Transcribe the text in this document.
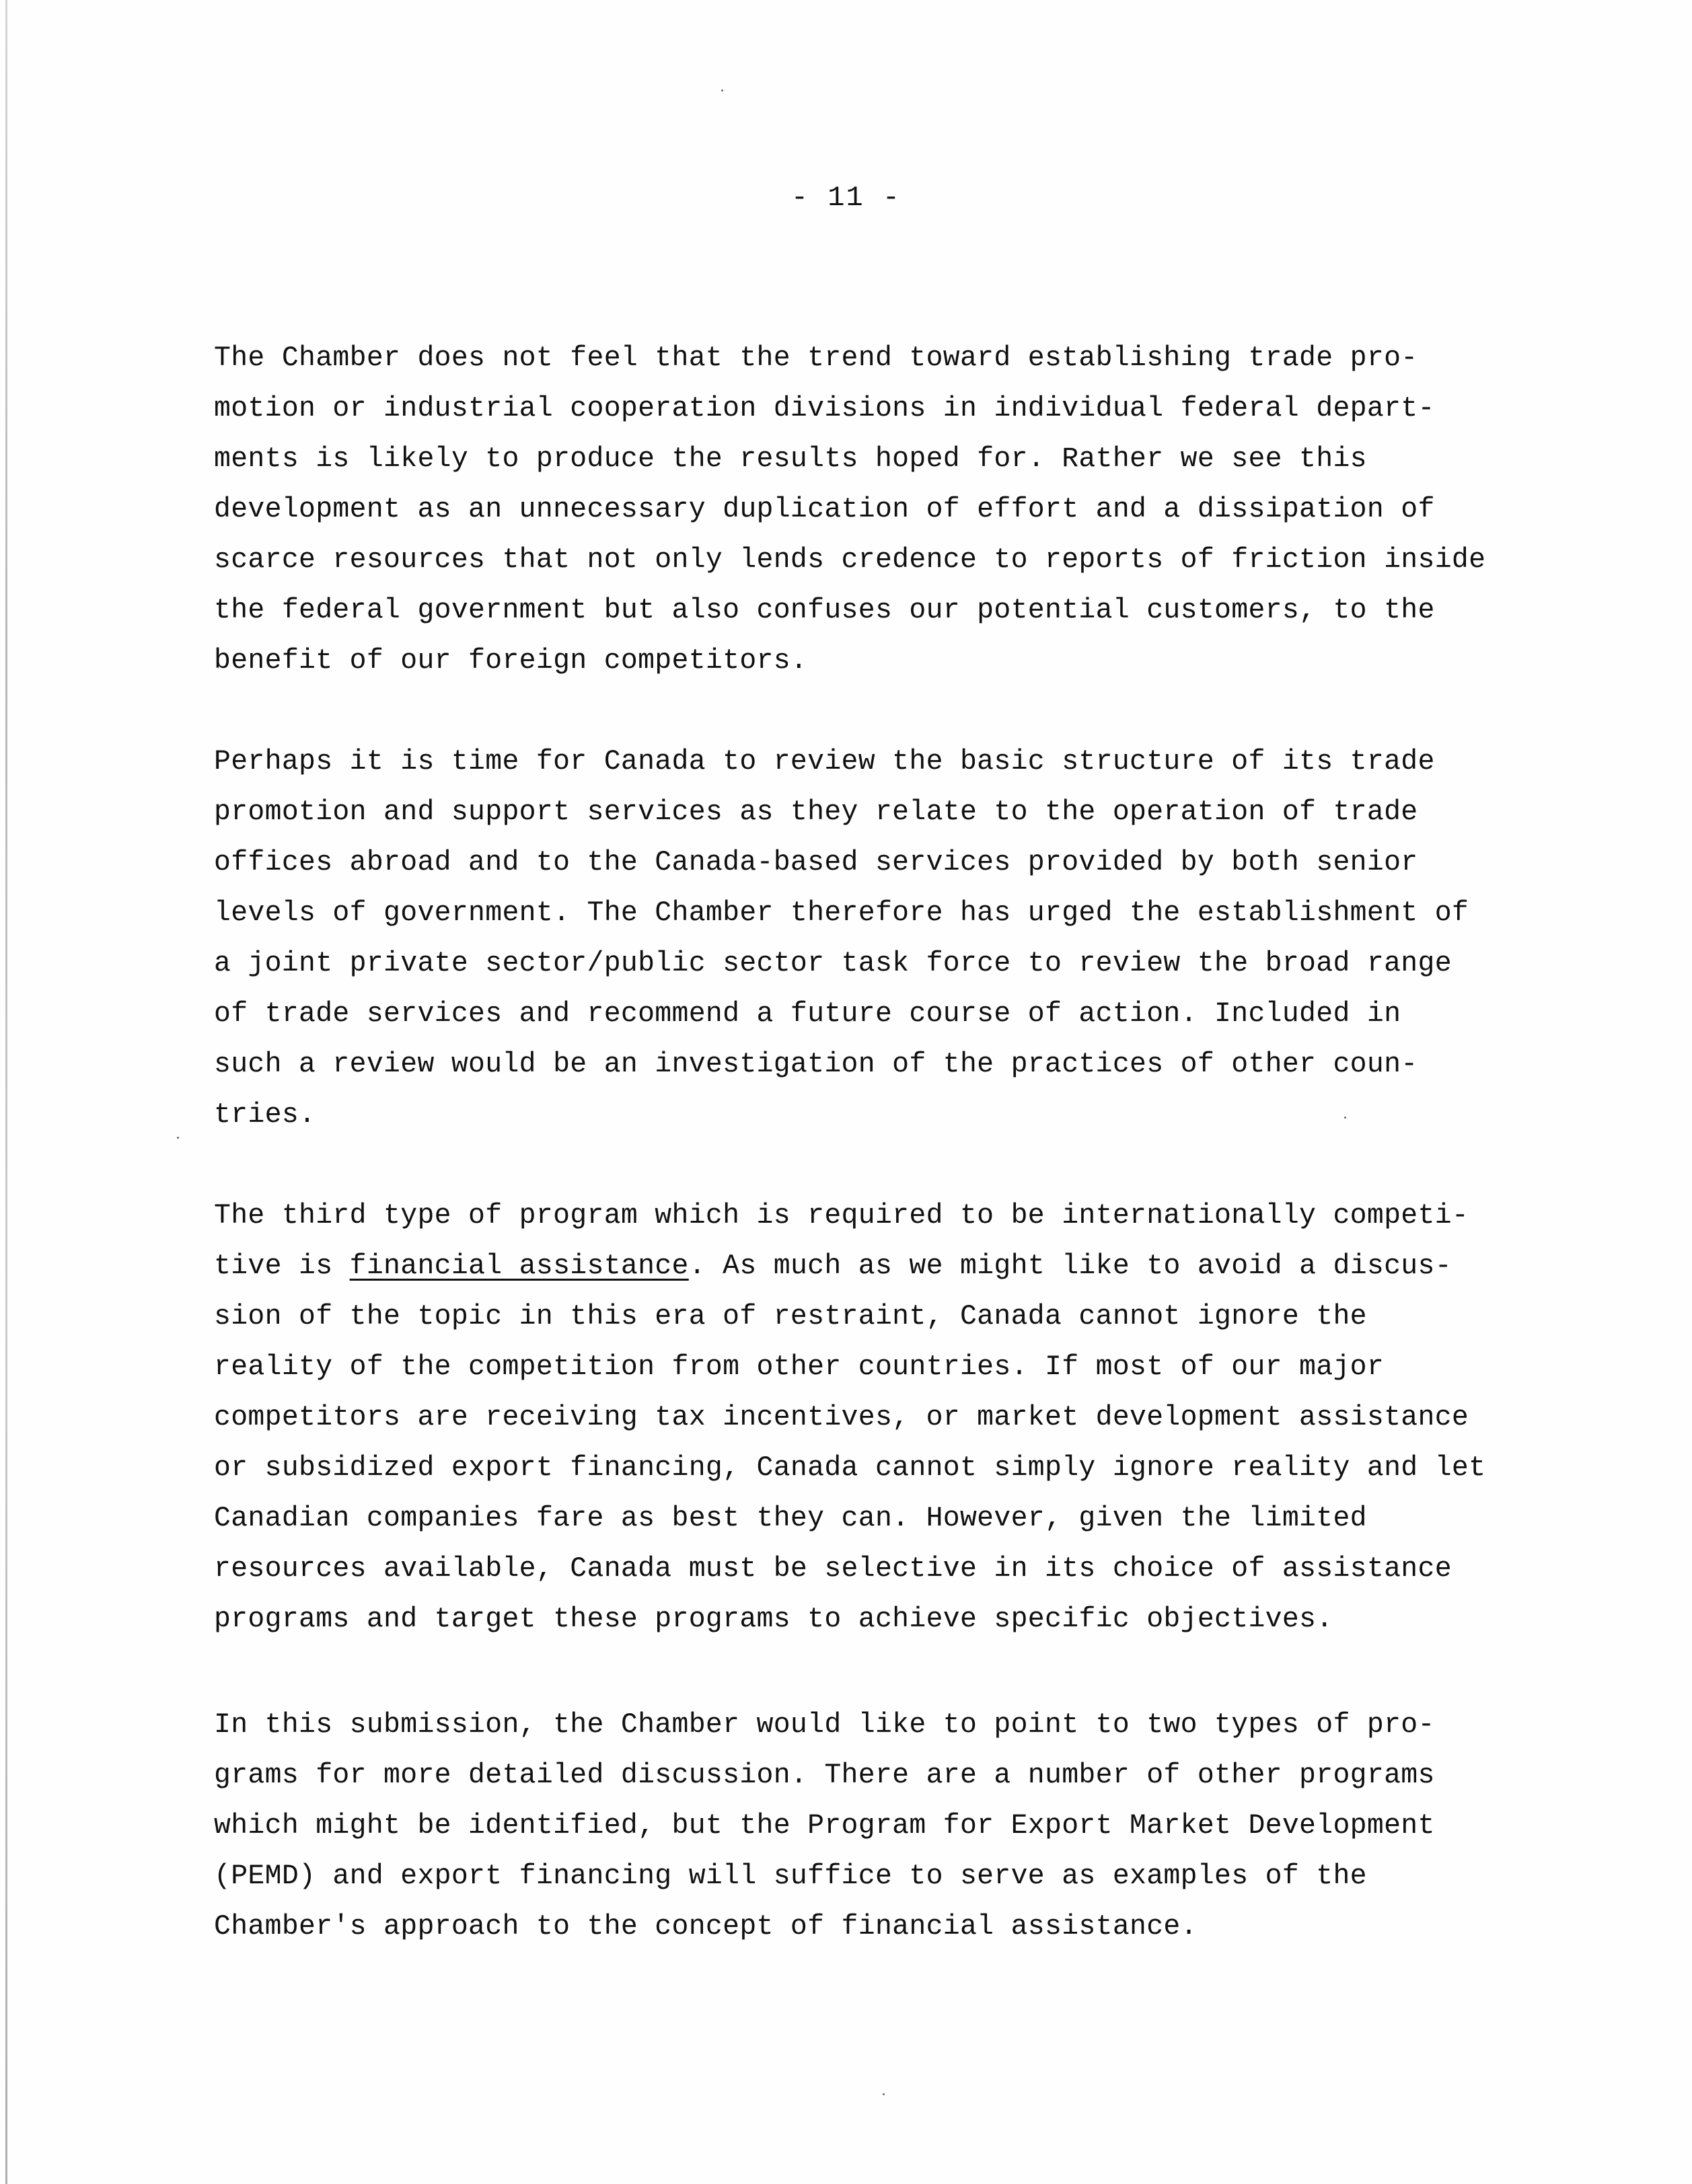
- 11 -

The Chamber does not feel that the trend toward establishing trade pro-
motion or industrial cooperation divisions in individual federal depart-
ments is likely to produce the results hoped for. Rather we see this
development as an unnecessary duplication of effort and a dissipation of
scarce resources that not only lends credence to reports of friction inside
the federal government but also confuses our potential customers, to the
benefit of our foreign competitors.

Perhaps it is time for Canada to review the basic structure of its trade
promotion and support services as they relate to the operation of trade
offices abroad and to the Canada-based services provided by both senior
levels of government. The Chamber therefore has urged the establishment of
a joint private sector/public sector task force to review the broad range
of trade services and recommend a future course of action. Included in
such a review would be an investigation of the practices of other coun-
tries.

The third type of program which is required to be internationally competi-
tive is financial assistance. As much as we might like to avoid a discus-
sion of the topic in this era of restraint, Canada cannot ignore the
reality of the competition from other countries. If most of our major
competitors are receiving tax incentives, or market development assistance
or subsidized export financing, Canada cannot simply ignore reality and let
Canadian companies fare as best they can. However, given the limited
resources available, Canada must be selective in its choice of assistance
programs and target these programs to achieve specific objectives.

In this submission, the Chamber would like to point to two types of pro-
grams for more detailed discussion. There are a number of other programs
which might be identified, but the Program for Export Market Development
(PEMD) and export financing will suffice to serve as examples of the
Chamber's approach to the concept of financial assistance.
